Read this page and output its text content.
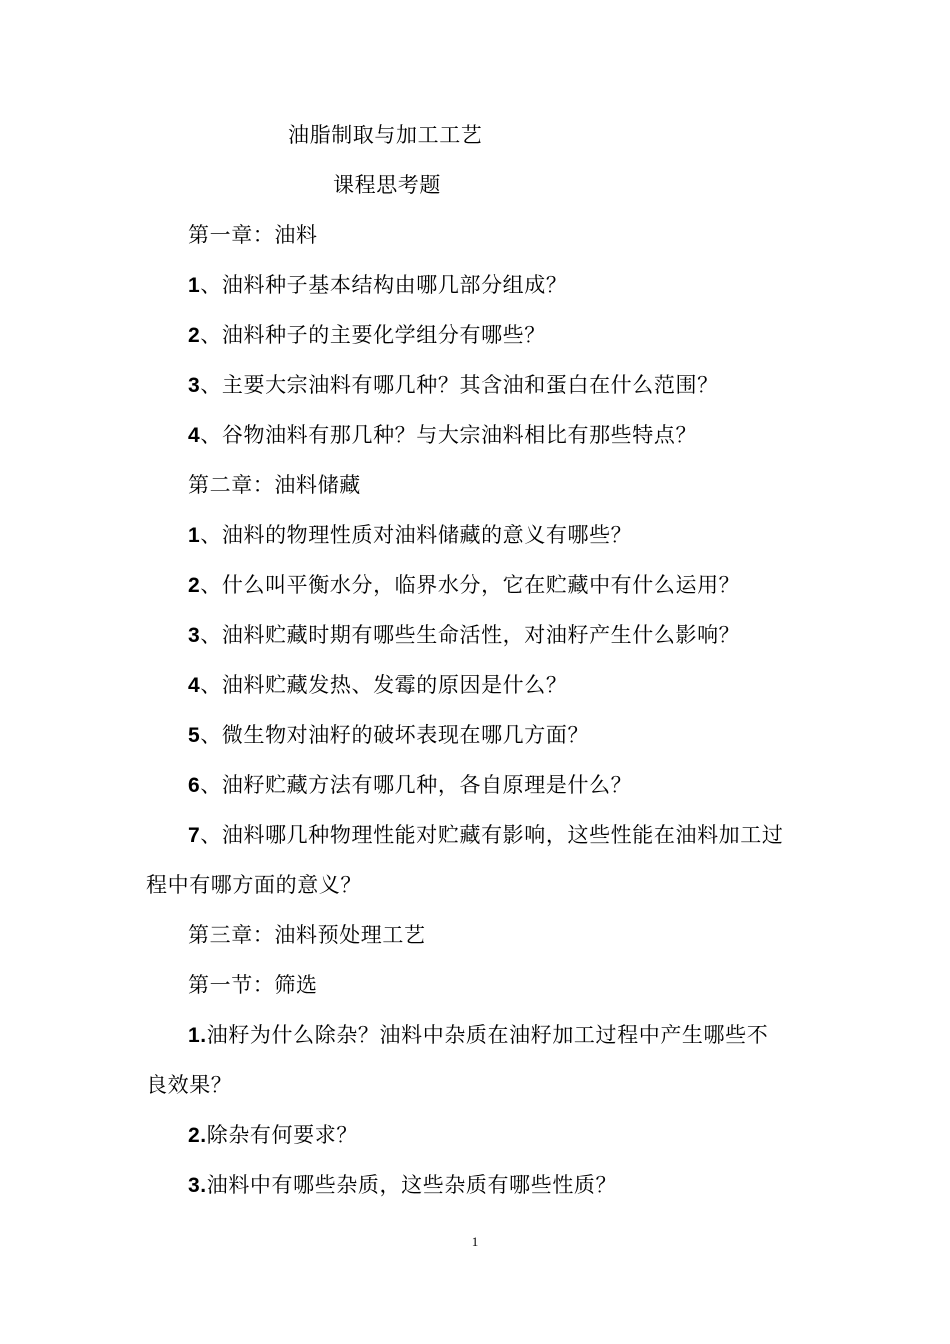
油脂制取与加工工艺
课程思考题
第一章：油料
1、油料种子基本结构由哪几部分组成？
2、油料种子的主要化学组分有哪些？
3、主要大宗油料有哪几种？其含油和蛋白在什么范围？
4、谷物油料有那几种？与大宗油料相比有那些特点？
第二章：油料储藏
1、油料的物理性质对油料储藏的意义有哪些？
2、什么叫平衡水分，临界水分，它在贮藏中有什么运用？
3、油料贮藏时期有哪些生命活性，对油籽产生什么影响？
4、油料贮藏发热、发霉的原因是什么？
5、微生物对油籽的破坏表现在哪几方面？
6、油籽贮藏方法有哪几种，各自原理是什么？
7、油料哪几种物理性能对贮藏有影响，这些性能在油料加工过
程中有哪方面的意义？
第三章：油料预处理工艺
第一节：筛选
1.油籽为什么除杂？油料中杂质在油籽加工过程中产生哪些不
良效果？
2.除杂有何要求？
3.油料中有哪些杂质，这些杂质有哪些性质？
1
